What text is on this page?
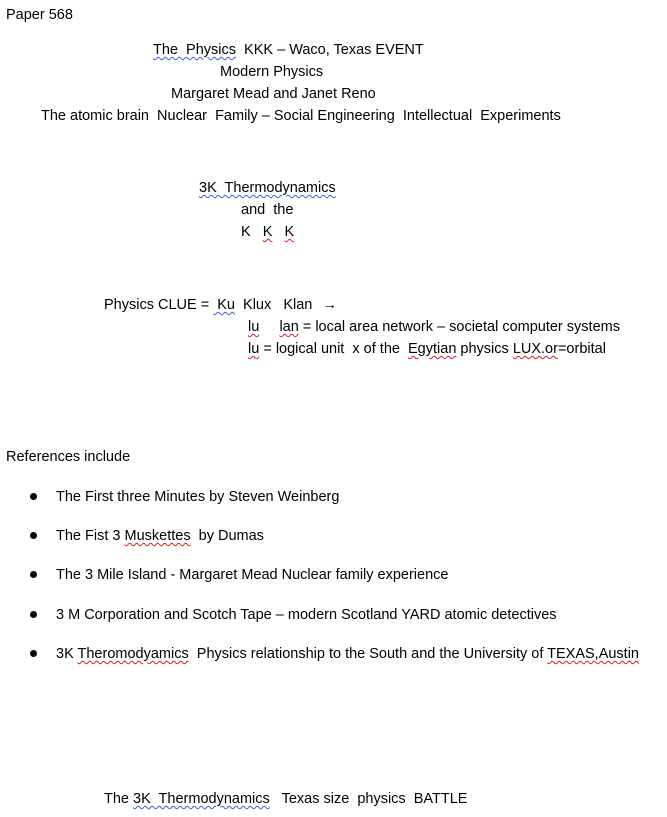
Paper 568
The  Physics  KKK – Waco, Texas EVENT
Modern Physics
Margaret Mead and Janet Reno
The atomic brain  Nuclear  Family – Social Engineering  Intellectual  Experiments
3K  Thermodynamics
and  the
K K K
Physics CLUE =  Ku  Klux   Klan →
lu lan = local area network – societal computer systems
lu = logical unit  x of the  Egytian physics LUX.or=orbital
References include
The First three Minutes by Steven Weinberg
The Fist 3 Muskettes  by Dumas
The 3 Mile Island - Margaret Mead Nuclear family experience
3 M Corporation and Scotch Tape – modern Scotland YARD atomic detectives
3K Theromodyamics  Physics relationship to the South and the University of TEXAS,Austin
The 3K  Thermodynamics   Texas size  physics  BATTLE
